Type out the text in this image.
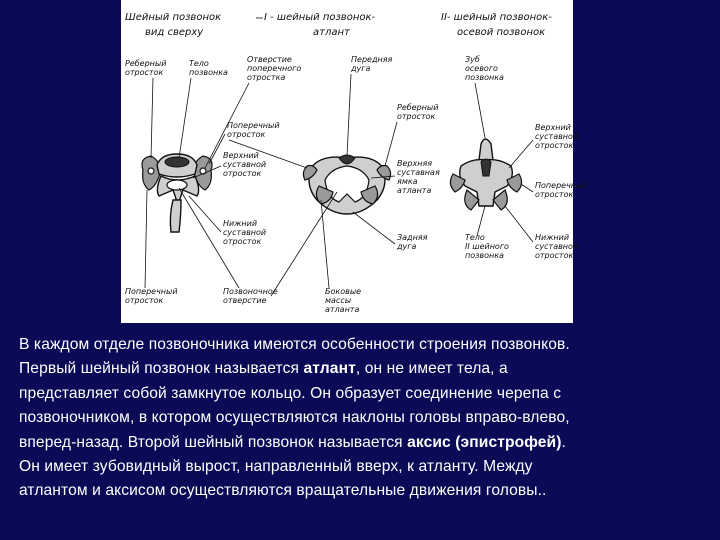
Шейный позвонок вид сверху
I - шейный позвонок-атлант
II- шейный позвонок-осевой позвонок
Реберный отросток
Тело позвонка
Отверстие поперечного отростка
Передняя дуга
Зуб осевого позвонка
Поперечный отросток
Реберный отросток
Верхний суставной отросток
Верхний суставной отросток
Верхняя суставная ямка атланта
Поперечный отросток
Нижний суставной отросток	Задняя дуга
Тело II шейного позвонка
Нижний суставной отросток
Поперечный отросток
Позвоночное отверстие
Боковые массы атланта

В каждом отделе позвоночника имеются особенности строения позвонков.

Первый шейный позвонок называется атлант, он не имеет тела, а

представляет собой замкнутое кольцо. Он образует соединение черепа с

позвоночником, в котором осуществляются наклоны головы вправо-влево,

вперед-назад. Второй шейный позвонок называется аксис (эпистрофей).

Он имеет зубовидный вырост, направленный вверх, к атланту. Между

атлантом и аксисом осуществляются вращательные движения головы..
